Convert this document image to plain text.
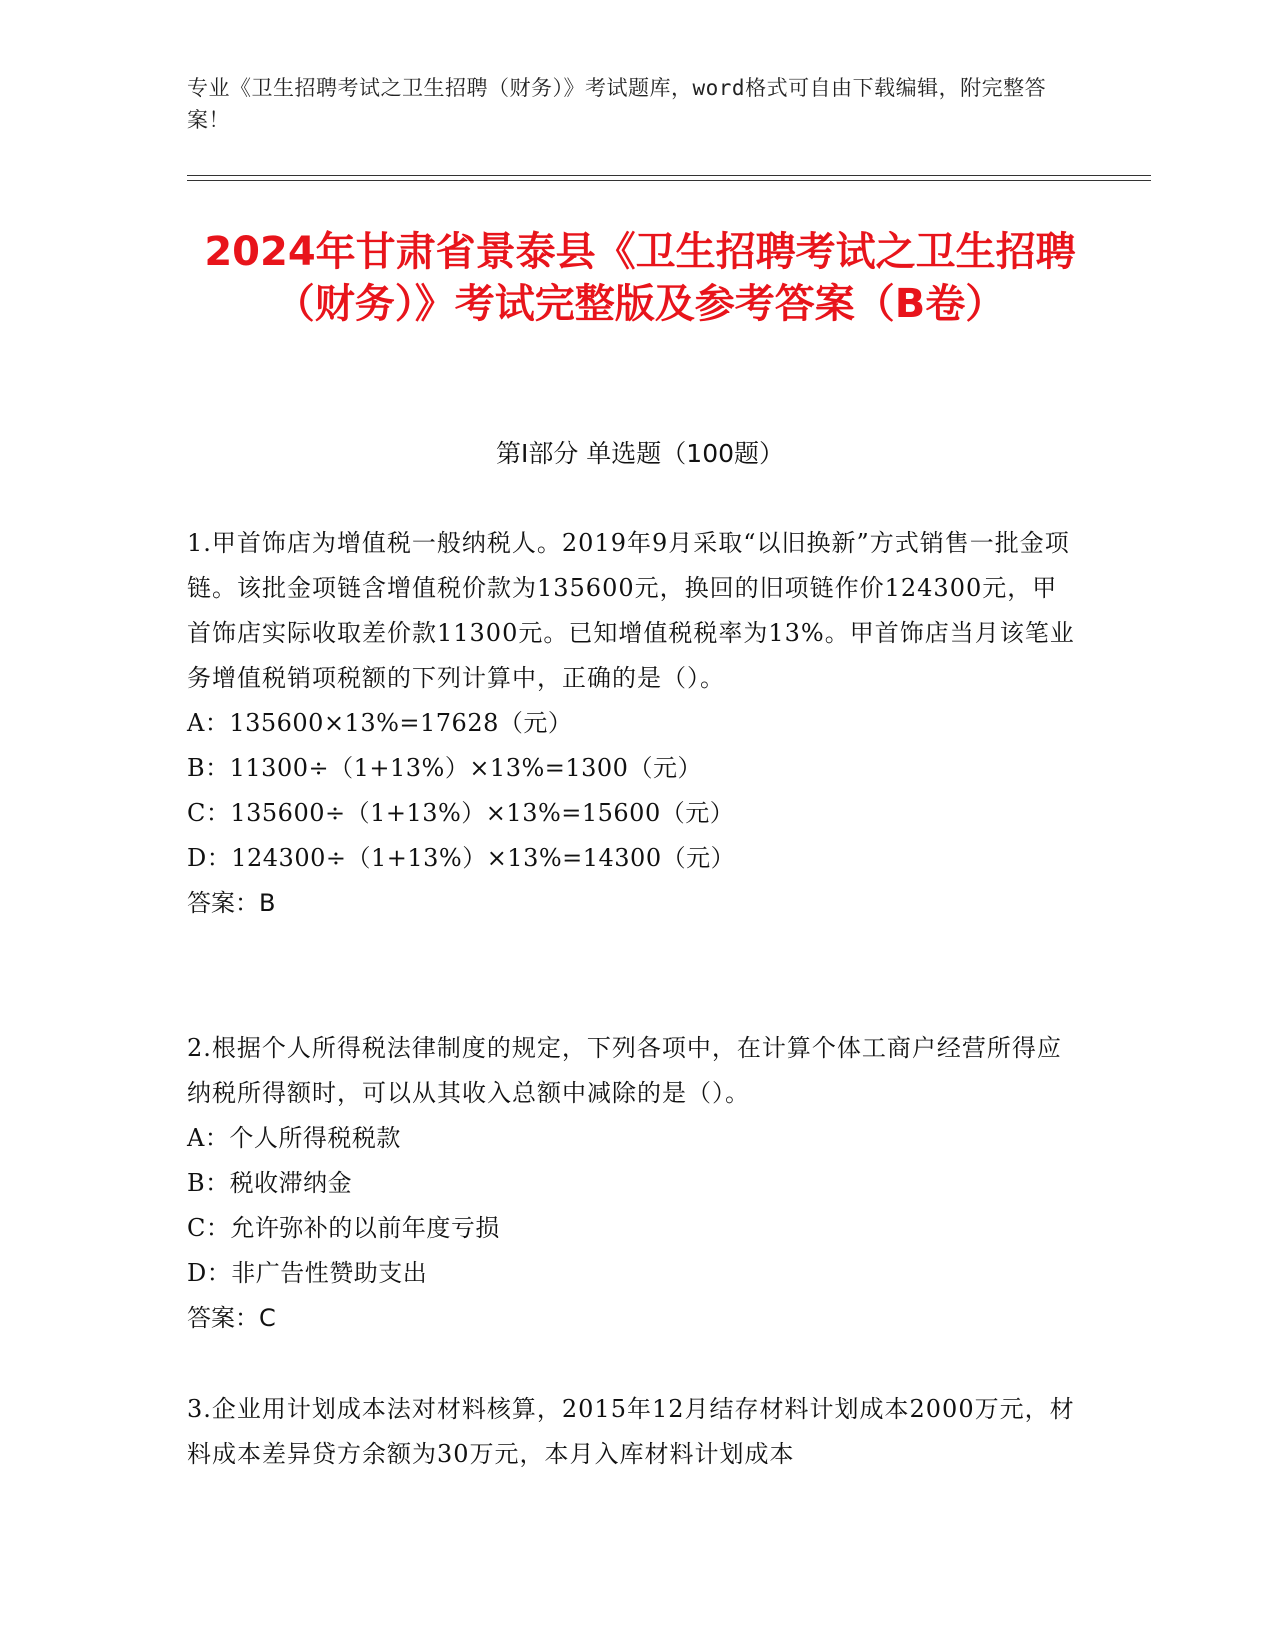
专业《卫生招聘考试之卫生招聘（财务）》考试题库，word格式可自由下载编辑，附完整答案！
2024年甘肃省景泰县《卫生招聘考试之卫生招聘（财务）》考试完整版及参考答案（B卷）
第Ⅰ部分 单选题（100题）

1.甲首饰店为增值税一般纳税人。2019年9月采取“以旧换新”方式销售一批金项链。该批金项链含增值税价款为135600元，换回的旧项链作价124300元，甲首饰店实际收取差价款11300元。已知增值税税率为13%。甲首饰店当月该笔业务增值税销项税额的下列计算中，正确的是（）。

A：135600×13%=17628（元）

B：11300÷（1+13%）×13%=1300（元）

C：135600÷（1+13%）×13%=15600（元）

D：124300÷（1+13%）×13%=14300（元）

答案：B

2.根据个人所得税法律制度的规定，下列各项中，在计算个体工商户经营所得应纳税所得额时，可以从其收入总额中减除的是（）。

A：个人所得税税款

B：税收滞纳金

C：允许弥补的以前年度亏损

D：非广告性赞助支出

答案：C

3.企业用计划成本法对材料核算，2015年12月结存材料计划成本2000万元，材料成本差异贷方余额为30万元，本月入库材料计划成本
